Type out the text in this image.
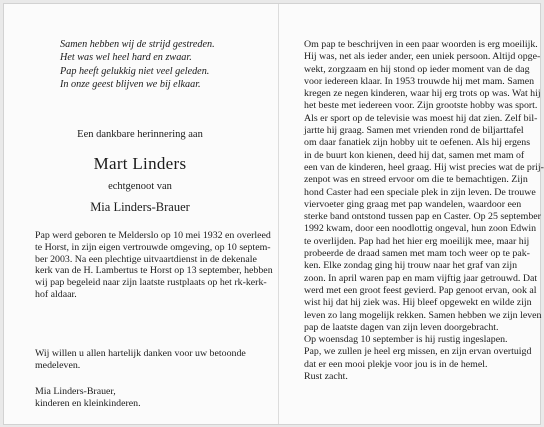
Samen hebben wij de strijd gestreden.
Het was wel heel hard en zwaar.
Pap heeft gelukkig niet veel geleden.
In onze geest blijven we bij elkaar.
Een dankbare herinnering aan
Mart Linders
echtgenoot van
Mia Linders-Brauer
Pap werd geboren te Meldersl​o op 10 mei 1932 en overleed
te Horst, in zijn eigen vertrouwde omgeving, op 10 septem-
ber 2003. Na een plechtige uitvaartdienst in de dekenale
kerk van de H. Lambertus te Horst op 13 september, hebben
wij pap begeleid naar zijn laatste rustplaats op het rk-kerk-
hof aldaar.
Wij willen u allen hartelijk danken voor uw betoonde
medeleven.
Mia Linders-Brauer,
kinderen en kleinkinderen.
Om pap te beschrijven in een paar woorden is erg moeilijk.
Hij was, net als ieder ander, een uniek persoon. Altijd opge-
wekt, zorgzaam en hij stond op ieder moment van de dag
voor iedereen klaar. In 1953 trouwde hij met mam. Samen
kregen ze negen kinderen, waar hij erg trots op was. Wat hij
het beste met iedereen voor. Zijn grootste hobby was sport.
Als er sport op de televisie was moest hij dat zien. Zelf bil-
jartte hij graag. Samen met vrienden rond de biljarttafel
om daar fanatiek zijn hobby uit te oefenen. Als hij ergens
in de buurt kon kienen, deed hij dat, samen met mam of
een van de kinderen, heel graag. Hij wist precies wat de prij-
zenpot was en streed ervoor om die te bemachtigen. Zijn
hond Caster had een speciale plek in zijn leven. De trouwe
viervoeter ging graag met pap wandelen, waardoor een
sterke band ontstond tussen pap en Caster. Op 25 september
1992 kwam, door een noodlottig ongeval, hun zoon Edwin
te overlijden. Pap had het hier erg moeilijk mee, maar hij
probeerde de draad samen met mam toch weer op te pak-
ken. Elke zondag ging hij trouw naar het graf van zijn
zoon. In april waren pap en mam vijftig jaar getrouwd. Dat
werd met een groot feest gevierd. Pap genoot ervan, ook al
wist hij dat hij ziek was. Hij bleef opgewekt en wilde zijn
leven zo lang mogelijk rekken. Samen hebben we zijn leven
pap de laatste dagen van zijn leven doorgebracht.
Op woensdag 10 september is hij rustig ingeslapen.
Pap, we zullen je heel erg missen, en zijn ervan overtuigd
dat er een mooi plekje voor jou is in de hemel.
Rust zacht.
